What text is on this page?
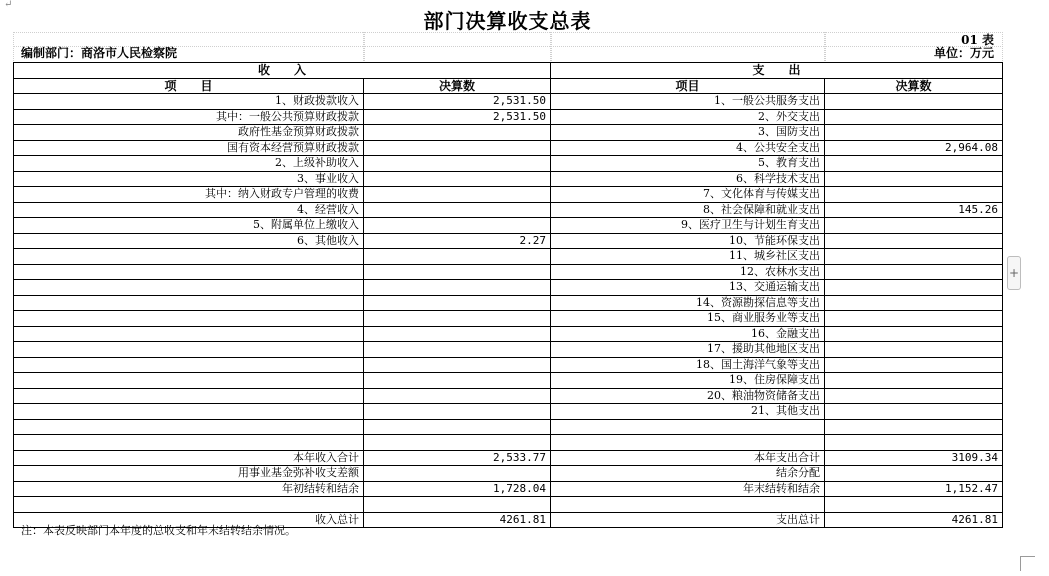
↵
部门决算收支总表
01 表
编制部门：商洛市人民检察院	单位：万元
收　　入		支　　出	
项　　目	决算数	项目	决算数
1、财政拨款收入	2,531.50	1、一般公共服务支出	
其中：一般公共预算财政拨款	2,531.50	2、外交支出	
政府性基金预算财政拨款		3、国防支出	
国有资本经营预算财政拨款		4、公共安全支出	2,964.08
2、上级补助收入		5、教育支出	
3、事业收入		6、科学技术支出	
其中：纳入财政专户管理的收费		7、文化体育与传媒支出	
4、经营收入		8、社会保障和就业支出	145.26
5、附属单位上缴收入		9、医疗卫生与计划生育支出	
6、其他收入	2.27	10、节能环保支出	
		11、城乡社区支出	
		12、农林水支出	
		13、交通运输支出	
		14、资源勘探信息等支出	
		15、商业服务业等支出	
		16、金融支出	
		17、援助其他地区支出	
		18、国土海洋气象等支出	
		19、住房保障支出	
		20、粮油物资储备支出	
		21、其他支出	

本年收入合计	2,533.77	本年支出合计	3109.34
用事业基金弥补收支差额		结余分配	
年初结转和结余	1,728.04	年末结转和结余	1,152.47

收入总计	4261.81	支出总计	4261.81
注：本表反映部门本年度的总收支和年末结转结余情况。
+
